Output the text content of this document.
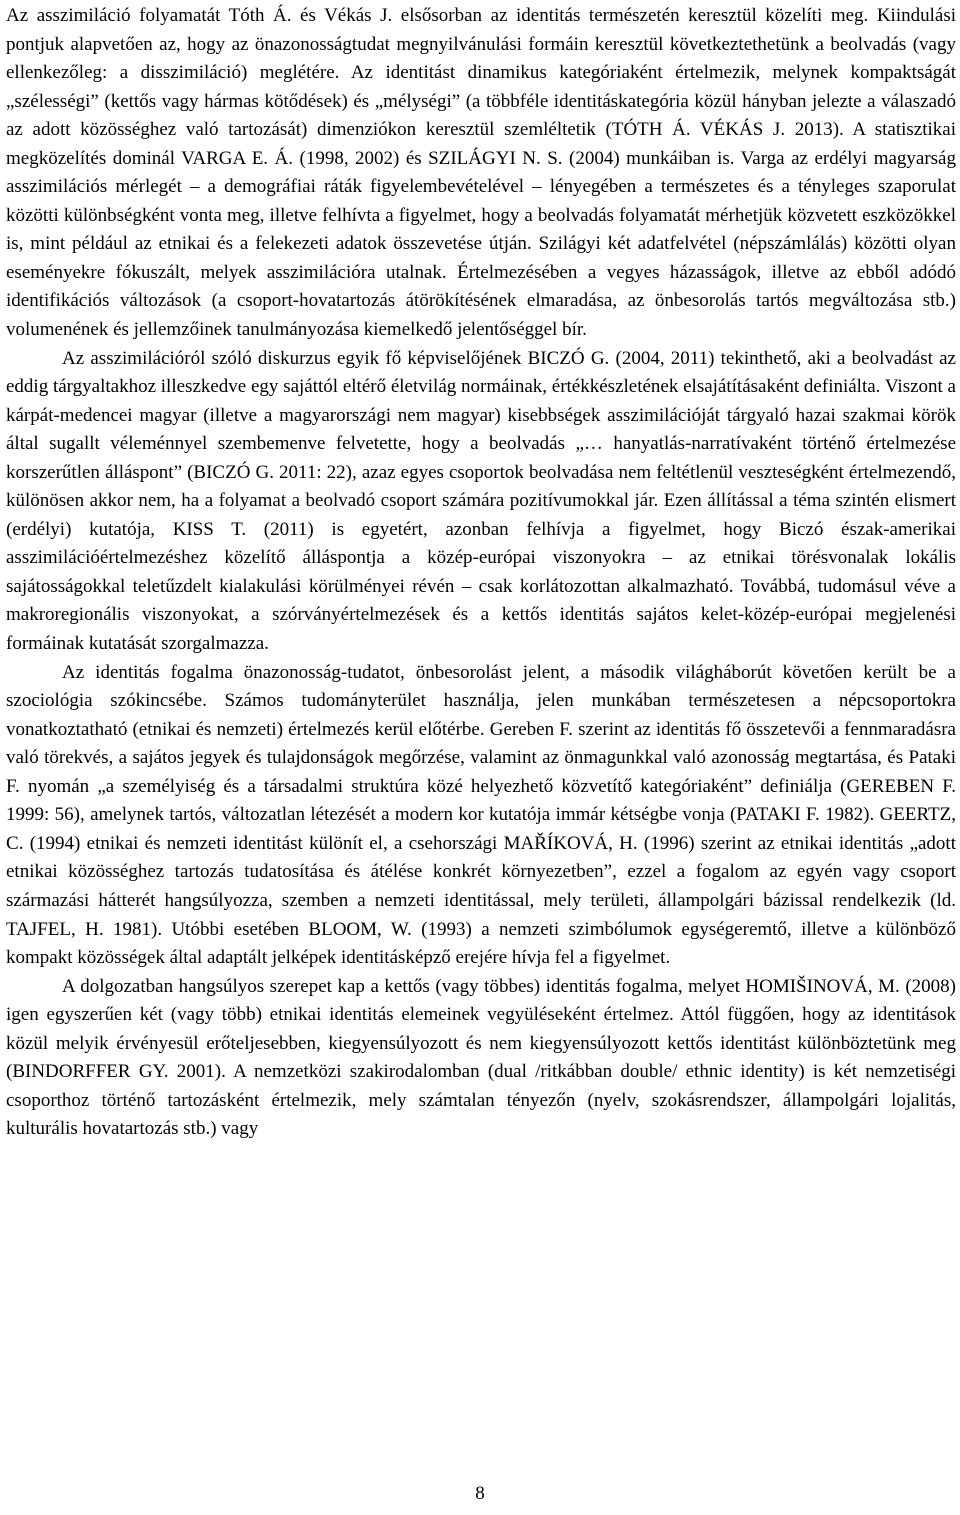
Az asszimiláció folyamatát Tóth Á. és Vékás J. elsősorban az identitás természetén keresztül közelíti meg. Kiindulási pontjuk alapvetően az, hogy az önazonosságtudat megnyilvánulási formáin keresztül következtethetünk a beolvadás (vagy ellenkezőleg: a disszimiláció) meglétére. Az identitást dinamikus kategóriaként értelmezik, melynek kompaktságát „szélességi” (kettős vagy hármas kötődések) és „mélységi” (a többféle identitáskategória közül hányban jelezte a válaszadó az adott közösséghez való tartozását) dimenziókon keresztül szemléltetik (TÓTH Á. VÉKÁS J. 2013). A statisztikai megközelítés dominál VARGA E. Á. (1998, 2002) és SZILÁGYI N. S. (2004) munkáiban is. Varga az erdélyi magyarság asszimilációs mérlegét – a demográfiai ráták figyelembevételével – lényegében a természetes és a tényleges szaporulat közötti különbségként vonta meg, illetve felhívta a figyelmet, hogy a beolvadás folyamatát mérhetjük közvetett eszközökkel is, mint például az etnikai és a felekezeti adatok összevetése útján. Szilágyi két adatfelvétel (népszámlálás) közötti olyan eseményekre fókuszált, melyek asszimilációra utalnak. Értelmezésében a vegyes házasságok, illetve az ebből adódó identifikációs változások (a csoport-hovatartozás átörökítésének elmaradása, az önbesorolás tartós megváltozása stb.) volumenének és jellemzőinek tanulmányozása kiemelkedő jelentőséggel bír.

Az asszimilációról szóló diskurzus egyik fő képviselőjének BICZÓ G. (2004, 2011) tekinthető, aki a beolvadást az eddig tárgyaltakhoz illeszkedve egy sajáttól eltérő életvilág normáinak, értékkészletének elsajátításaként definiálta. Viszont a kárpát-medencei magyar (illetve a magyarországi nem magyar) kisebbségek asszimilációját tárgyaló hazai szakmai körök által sugallt véleménnyel szembemenve felvetette, hogy a beolvadás „… hanyatlás-narratívaként történő értelmezése korszerűtlen álláspont” (BICZÓ G. 2011: 22), azaz egyes csoportok beolvadása nem feltétlenül veszteségként értelmezendő, különösen akkor nem, ha a folyamat a beolvadó csoport számára pozitívumokkal jár. Ezen állítással a téma szintén elismert (erdélyi) kutatója, KISS T. (2011) is egyetért, azonban felhívja a figyelmet, hogy Biczó észak-amerikai asszimilációértelmezéshez közelítő álláspontja a közép-európai viszonyokra – az etnikai törésvonalak lokális sajátosságokkal teletűzdelt kialakulási körülményei révén – csak korlátozottan alkalmazható. Továbbá, tudomásul véve a makroregionális viszonyokat, a szórványértelmezések és a kettős identitás sajátos kelet-közép-európai megjelenési formáinak kutatását szorgalmazza.

Az identitás fogalma önazonosság-tudatot, önbesorolást jelent, a második világháborút követően került be a szociológia szókincsébe. Számos tudományterület használja, jelen munkában természetesen a népcsoportokra vonatkoztatható (etnikai és nemzeti) értelmezés kerül előtérbe. Gereben F. szerint az identitás fő összetevői a fennmaradásra való törekvés, a sajátos jegyek és tulajdonságok megőrzése, valamint az önmagunkkal való azonosság megtartása, és Pataki F. nyomán „a személyiség és a társadalmi struktúra közé helyezhető közvetítő kategóriaként” definiálja (GEREBEN F. 1999: 56), amelynek tartós, változatlan létezését a modern kor kutatója immár kétségbe vonja (PATAKI F. 1982). GEERTZ, C. (1994) etnikai és nemzeti identitást különít el, a csehországi MAŘÍKOVÁ, H. (1996) szerint az etnikai identitás „adott etnikai közösséghez tartozás tudatosítása és átélése konkrét környezetben”, ezzel a fogalom az egyén vagy csoport származási hátterét hangsúlyozza, szemben a nemzeti identitással, mely területi, állampolgári bázissal rendelkezik (ld. TAJFEL, H. 1981). Utóbbi esetében BLOOM, W. (1993) a nemzeti szimbólumok egységeremtő, illetve a különböző kompakt közösségek által adaptált jelképek identitásképző erejére hívja fel a figyelmet.

A dolgozatban hangsúlyos szerepet kap a kettős (vagy többes) identitás fogalma, melyet HOMIŠINOVÁ, M. (2008) igen egyszerűen két (vagy több) etnikai identitás elemeinek vegyüléseként értelmez. Attól függően, hogy az identitások közül melyik érvényesül erőteljesebben, kiegyensúlyozott és nem kiegyensúlyozott kettős identitást különböztetünk meg (BINDORFFER GY. 2001). A nemzetközi szakirodalomban (dual /ritkábban double/ ethnic identity) is két nemzetiségi csoporthoz történő tartozásként értelmezik, mely számtalan tényezőn (nyelv, szokásrendszer, állampolgári lojalitás, kulturális hovatartozás stb.) vagy

8
